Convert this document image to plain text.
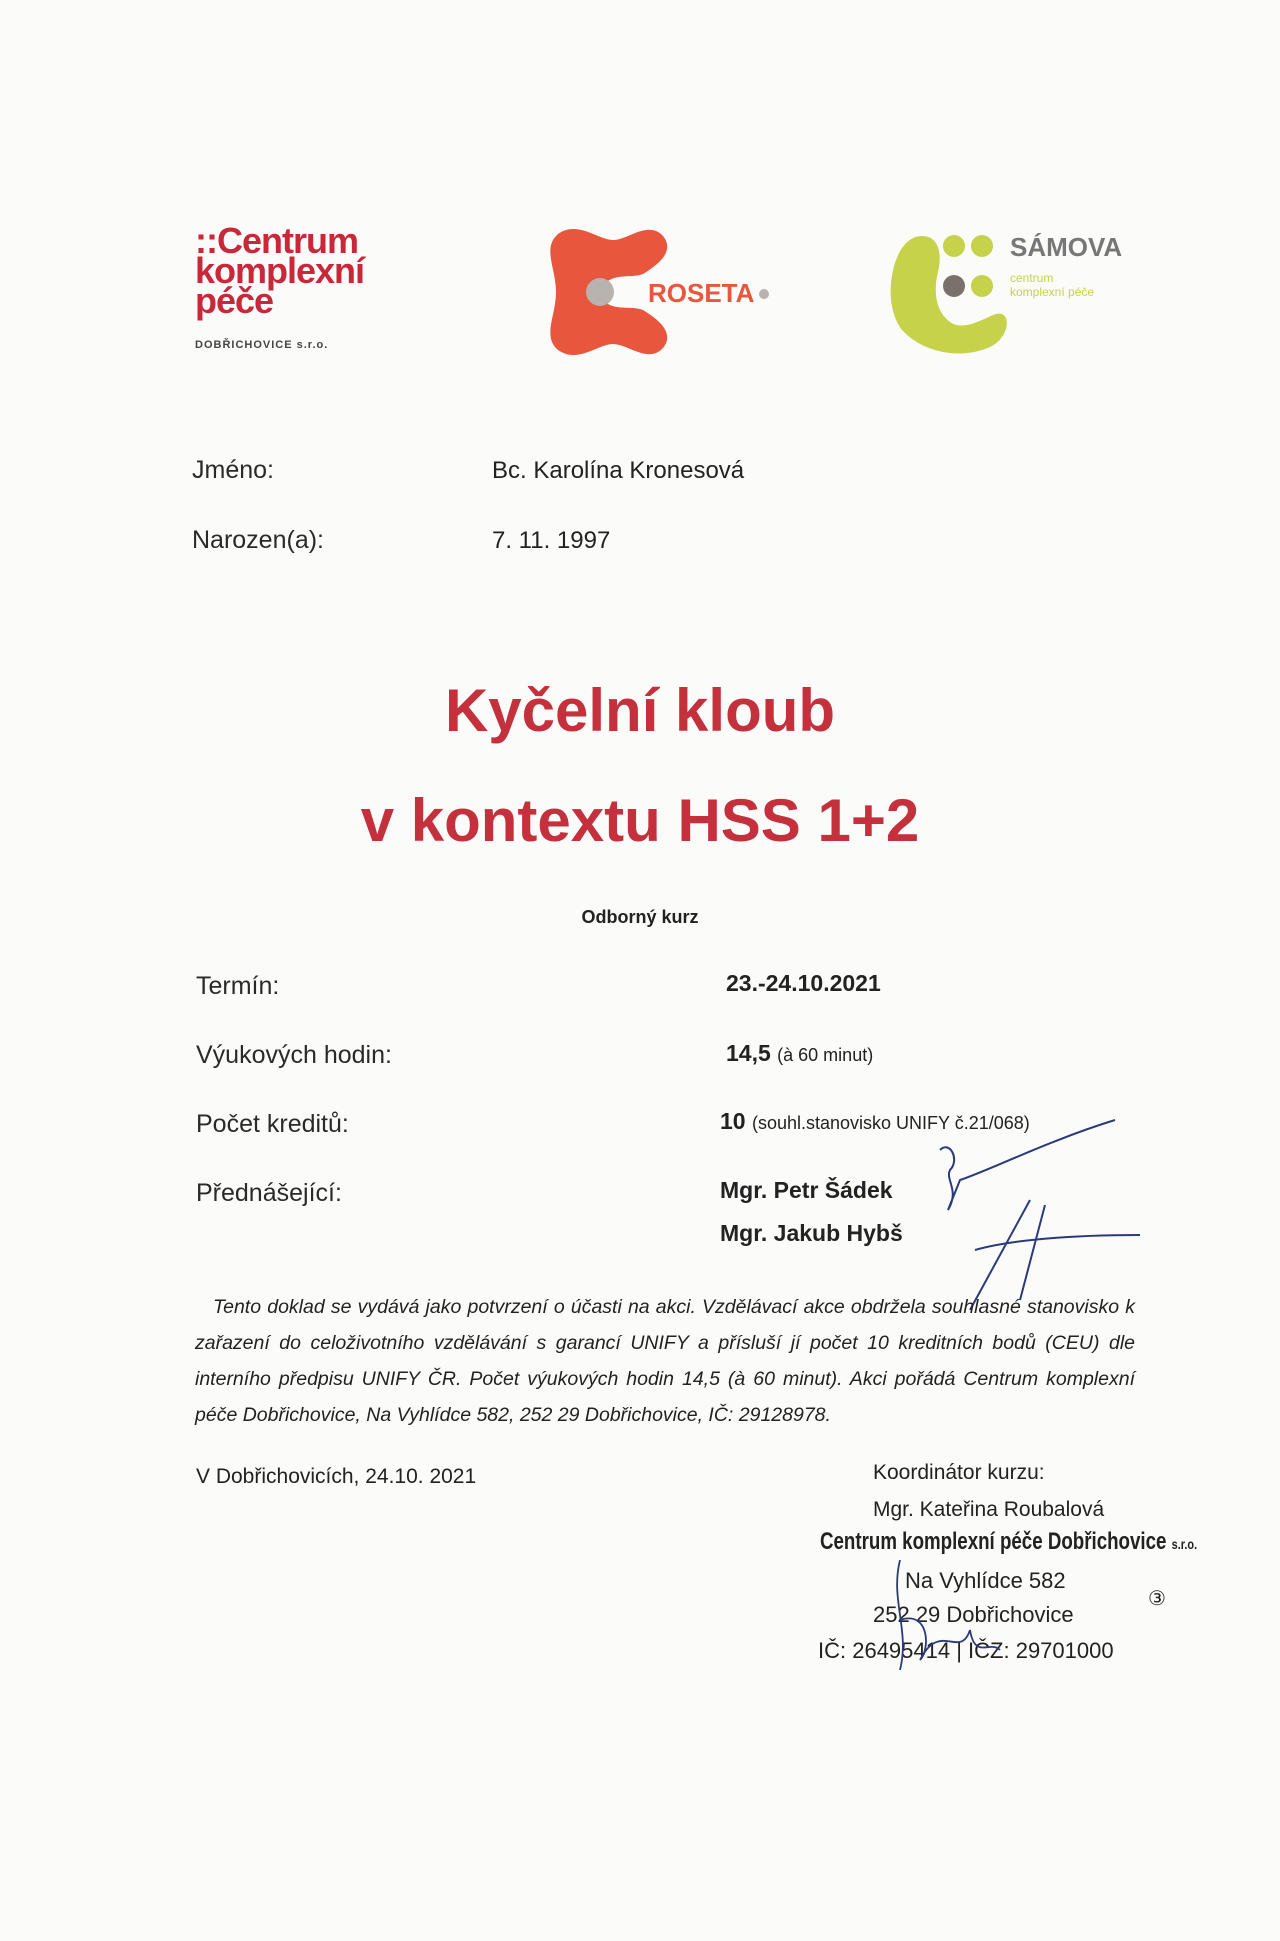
::Centrum
komplexní
péče
DOBŘICHOVICE s.r.o.
ROSETA
SÁMOVA
centrum
komplexní péče
Jméno:	Bc. Karolína Kronesová
Narozen(a):	7. 11. 1997
Kyčelní kloub
v kontextu HSS 1+2
Odborný kurz
Termín:	23.-24.10.2021
Výukových hodin:	14,5 (à 60 minut)
Počet kreditů:	10 (souhl.stanovisko UNIFY č.21/068)
Přednášející:	Mgr. Petr Šádek
Mgr. Jakub Hybš
Tento doklad se vydává jako potvrzení o účasti na akci. Vzdělávací akce obdržela souhlasné stanovisko k zařazení do celoživotního vzdělávání s garancí UNIFY a přísluší jí počet 10 kreditních bodů (CEU) dle interního předpisu UNIFY ČR. Počet výukových hodin 14,5 (à 60 minut). Akci pořádá Centrum komplexní péče Dobřichovice, Na Vyhlídce 582, 252 29 Dobřichovice, IČ: 29128978.
V Dobřichovicích, 24.10. 2021	Koordinátor kurzu:
Mgr. Kateřina Roubalová
Centrum komplexní péče Dobřichovice s.r.o.
Na Vyhlídce 582
252 29 Dobřichovice
③
IČ: 26495414 | IČZ: 29701000
